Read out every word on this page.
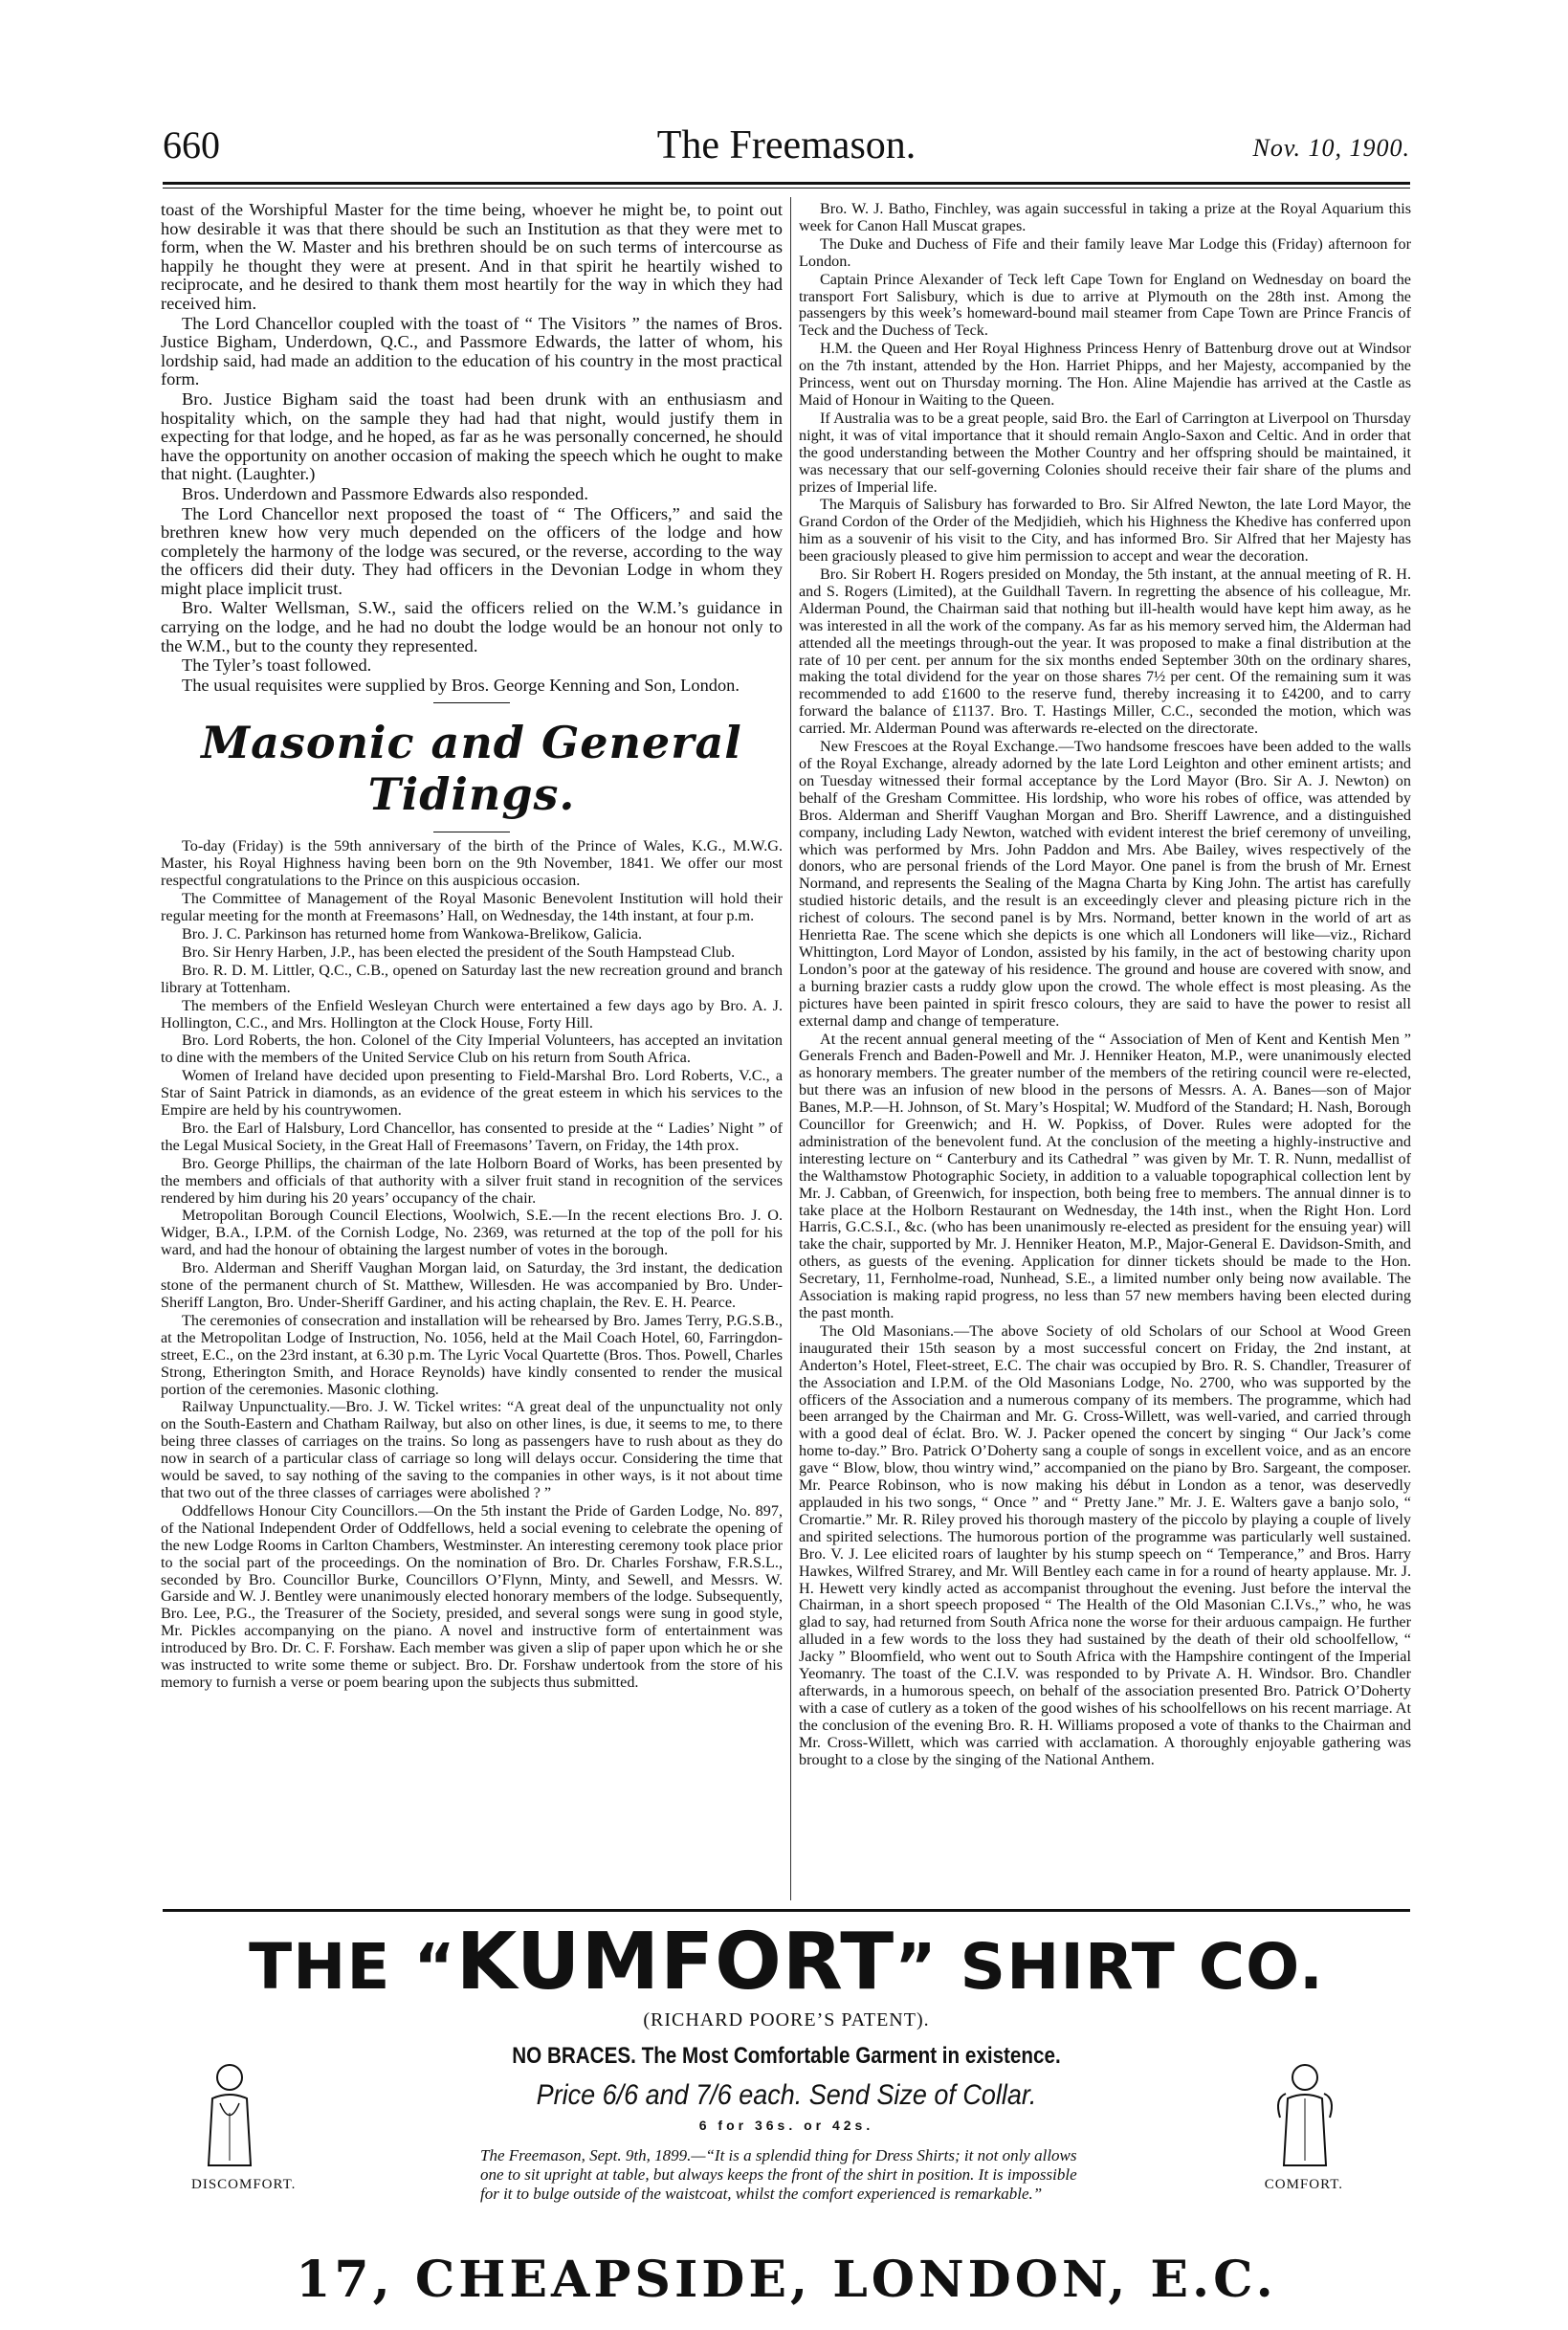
660	The Freemason.	Nov. 10, 1900.

toast of the Worshipful Master for the time being, whoever he might be, to point out how desirable it was that there should be such an Institution as that they were met to form, when the W. Master and his brethren should be on such terms of intercourse as happily he thought they were at present. And in that spirit he heartily wished to reciprocate, and he desired to thank them most heartily for the way in which they had received him.

The Lord Chancellor coupled with the toast of “ The Visitors ” the names of Bros. Justice Bigham, Underdown, Q.C., and Passmore Edwards, the latter of whom, his lordship said, had made an addition to the education of his country in the most practical form.

Bro. Justice Bigham said the toast had been drunk with an enthusiasm and hospitality which, on the sample they had had that night, would justify them in expecting for that lodge, and he hoped, as far as he was personally concerned, he should have the opportunity on another occasion of making the speech which he ought to make that night. (Laughter.)

Bros. Underdown and Passmore Edwards also responded.

The Lord Chancellor next proposed the toast of “ The Officers,” and said the brethren knew how very much depended on the officers of the lodge and how completely the harmony of the lodge was secured, or the reverse, according to the way the officers did their duty. They had officers in the Devonian Lodge in whom they might place implicit trust.

Bro. Walter Wellsman, S.W., said the officers relied on the W.M.’s guidance in carrying on the lodge, and he had no doubt the lodge would be an honour not only to the W.M., but to the county they represented.

The Tyler’s toast followed.

The usual requisites were supplied by Bros. George Kenning and Son, London.

Masonic and General Tidings.

To-day (Friday) is the 59th anniversary of the birth of the Prince of Wales, K.G., M.W.G. Master, his Royal Highness having been born on the 9th November, 1841. We offer our most respectful congratulations to the Prince on this auspicious occasion.

The Committee of Management of the Royal Masonic Benevolent Institution will hold their regular meeting for the month at Freemasons’ Hall, on Wednesday, the 14th instant, at four p.m.

Bro. J. C. Parkinson has returned home from Wankowa-Brelikow, Galicia.

Bro. Sir Henry Harben, J.P., has been elected the president of the South Hampstead Club.

Bro. R. D. M. Littler, Q.C., C.B., opened on Saturday last the new recreation ground and branch library at Tottenham.

The members of the Enfield Wesleyan Church were entertained a few days ago by Bro. A. J. Hollington, C.C., and Mrs. Hollington at the Clock House, Forty Hill.

Bro. Lord Roberts, the hon. Colonel of the City Imperial Volunteers, has accepted an invitation to dine with the members of the United Service Club on his return from South Africa.

Women of Ireland have decided upon presenting to Field-Marshal Bro. Lord Roberts, V.C., a Star of Saint Patrick in diamonds, as an evidence of the great esteem in which his services to the Empire are held by his countrywomen.

Bro. the Earl of Halsbury, Lord Chancellor, has consented to preside at the “ Ladies’ Night ” of the Legal Musical Society, in the Great Hall of Freemasons’ Tavern, on Friday, the 14th prox.

Bro. George Phillips, the chairman of the late Holborn Board of Works, has been presented by the members and officials of that authority with a silver fruit stand in recognition of the services rendered by him during his 20 years’ occupancy of the chair.

Metropolitan Borough Council Elections, Woolwich, S.E.—In the recent elections Bro. J. O. Widger, B.A., I.P.M. of the Cornish Lodge, No. 2369, was returned at the top of the poll for his ward, and had the honour of obtaining the largest number of votes in the borough.

Bro. Alderman and Sheriff Vaughan Morgan laid, on Saturday, the 3rd instant, the dedication stone of the permanent church of St. Matthew, Willesden. He was accompanied by Bro. Under-Sheriff Langton, Bro. Under-Sheriff Gardiner, and his acting chaplain, the Rev. E. H. Pearce.

The ceremonies of consecration and installation will be rehearsed by Bro. James Terry, P.G.S.B., at the Metropolitan Lodge of Instruction, No. 1056, held at the Mail Coach Hotel, 60, Farringdon-street, E.C., on the 23rd instant, at 6.30 p.m. The Lyric Vocal Quartette (Bros. Thos. Powell, Charles Strong, Etherington Smith, and Horace Reynolds) have kindly consented to render the musical portion of the ceremonies. Masonic clothing.

Railway Unpunctuality.—Bro. J. W. Tickel writes: “A great deal of the unpunctuality not only on the South-Eastern and Chatham Railway, but also on other lines, is due, it seems to me, to there being three classes of carriages on the trains. So long as passengers have to rush about as they do now in search of a particular class of carriage so long will delays occur. Considering the time that would be saved, to say nothing of the saving to the companies in other ways, is it not about time that two out of the three classes of carriages were abolished ? ”

Oddfellows Honour City Councillors.—On the 5th instant the Pride of Garden Lodge, No. 897, of the National Independent Order of Oddfellows, held a social evening to celebrate the opening of the new Lodge Rooms in Carlton Chambers, Westminster. An interesting ceremony took place prior to the social part of the proceedings. On the nomination of Bro. Dr. Charles Forshaw, F.R.S.L., seconded by Bro. Councillor Burke, Councillors O’Flynn, Minty, and Sewell, and Messrs. W. Garside and W. J. Bentley were unanimously elected honorary members of the lodge. Subsequently, Bro. Lee, P.G., the Treasurer of the Society, presided, and several songs were sung in good style, Mr. Pickles accompanying on the piano. A novel and instructive form of entertainment was introduced by Bro. Dr. C. F. Forshaw. Each member was given a slip of paper upon which he or she was instructed to write some theme or subject. Bro. Dr. Forshaw undertook from the store of his memory to furnish a verse or poem bearing upon the subjects thus submitted.

Bro. W. J. Batho, Finchley, was again successful in taking a prize at the Royal Aquarium this week for Canon Hall Muscat grapes.

The Duke and Duchess of Fife and their family leave Mar Lodge this (Friday) afternoon for London.

Captain Prince Alexander of Teck left Cape Town for England on Wednesday on board the transport Fort Salisbury, which is due to arrive at Plymouth on the 28th inst. Among the passengers by this week’s homeward-bound mail steamer from Cape Town are Prince Francis of Teck and the Duchess of Teck.

H.M. the Queen and Her Royal Highness Princess Henry of Battenburg drove out at Windsor on the 7th instant, attended by the Hon. Harriet Phipps, and her Majesty, accompanied by the Princess, went out on Thursday morning. The Hon. Aline Majendie has arrived at the Castle as Maid of Honour in Waiting to the Queen.

If Australia was to be a great people, said Bro. the Earl of Carrington at Liverpool on Thursday night, it was of vital importance that it should remain Anglo-Saxon and Celtic. And in order that the good understanding between the Mother Country and her offspring should be maintained, it was necessary that our self-governing Colonies should receive their fair share of the plums and prizes of Imperial life.

The Marquis of Salisbury has forwarded to Bro. Sir Alfred Newton, the late Lord Mayor, the Grand Cordon of the Order of the Medjidieh, which his Highness the Khedive has conferred upon him as a souvenir of his visit to the City, and has informed Bro. Sir Alfred that her Majesty has been graciously pleased to give him permission to accept and wear the decoration.

Bro. Sir Robert H. Rogers presided on Monday, the 5th instant, at the annual meeting of R. H. and S. Rogers (Limited), at the Guildhall Tavern. In regretting the absence of his colleague, Mr. Alderman Pound, the Chairman said that nothing but ill-health would have kept him away, as he was interested in all the work of the company. As far as his memory served him, the Alderman had attended all the meetings through-out the year. It was proposed to make a final distribution at the rate of 10 per cent. per annum for the six months ended September 30th on the ordinary shares, making the total dividend for the year on those shares 7½ per cent. Of the remaining sum it was recommended to add £1600 to the reserve fund, thereby increasing it to £4200, and to carry forward the balance of £1137. Bro. T. Hastings Miller, C.C., seconded the motion, which was carried. Mr. Alderman Pound was afterwards re-elected on the directorate.

New Frescoes at the Royal Exchange.—Two handsome frescoes have been added to the walls of the Royal Exchange, already adorned by the late Lord Leighton and other eminent artists; and on Tuesday witnessed their formal acceptance by the Lord Mayor (Bro. Sir A. J. Newton) on behalf of the Gresham Committee. His lordship, who wore his robes of office, was attended by Bros. Alderman and Sheriff Vaughan Morgan and Bro. Sheriff Lawrence, and a distinguished company, including Lady Newton, watched with evident interest the brief ceremony of unveiling, which was performed by Mrs. John Paddon and Mrs. Abe Bailey, wives respectively of the donors, who are personal friends of the Lord Mayor. One panel is from the brush of Mr. Ernest Normand, and represents the Sealing of the Magna Charta by King John. The artist has carefully studied historic details, and the result is an exceedingly clever and pleasing picture rich in the richest of colours. The second panel is by Mrs. Normand, better known in the world of art as Henrietta Rae. The scene which she depicts is one which all Londoners will like—viz., Richard Whittington, Lord Mayor of London, assisted by his family, in the act of bestowing charity upon London’s poor at the gateway of his residence. The ground and house are covered with snow, and a burning brazier casts a ruddy glow upon the crowd. The whole effect is most pleasing. As the pictures have been painted in spirit fresco colours, they are said to have the power to resist all external damp and change of temperature.

At the recent annual general meeting of the “ Association of Men of Kent and Kentish Men ” Generals French and Baden-Powell and Mr. J. Henniker Heaton, M.P., were unanimously elected as honorary members. The greater number of the members of the retiring council were re-elected, but there was an infusion of new blood in the persons of Messrs. A. A. Banes—son of Major Banes, M.P.—H. Johnson, of St. Mary’s Hospital; W. Mudford of the Standard; H. Nash, Borough Councillor for Greenwich; and H. W. Popkiss, of Dover. Rules were adopted for the administration of the benevolent fund. At the conclusion of the meeting a highly-instructive and interesting lecture on “ Canterbury and its Cathedral ” was given by Mr. T. R. Nunn, medallist of the Walthamstow Photographic Society, in addition to a valuable topographical collection lent by Mr. J. Cabban, of Greenwich, for inspection, both being free to members. The annual dinner is to take place at the Holborn Restaurant on Wednesday, the 14th inst., when the Right Hon. Lord Harris, G.C.S.I., &c. (who has been unanimously re-elected as president for the ensuing year) will take the chair, supported by Mr. J. Henniker Heaton, M.P., Major-General E. Davidson-Smith, and others, as guests of the evening. Application for dinner tickets should be made to the Hon. Secretary, 11, Fernholme-road, Nunhead, S.E., a limited number only being now available. The Association is making rapid progress, no less than 57 new members having been elected during the past month.

The Old Masonians.—The above Society of old Scholars of our School at Wood Green inaugurated their 15th season by a most successful concert on Friday, the 2nd instant, at Anderton’s Hotel, Fleet-street, E.C. The chair was occupied by Bro. R. S. Chandler, Treasurer of the Association and I.P.M. of the Old Masonians Lodge, No. 2700, who was supported by the officers of the Association and a numerous company of its members. The programme, which had been arranged by the Chairman and Mr. G. Cross-Willett, was well-varied, and carried through with a good deal of éclat. Bro. W. J. Packer opened the concert by singing “ Our Jack’s come home to-day.” Bro. Patrick O’Doherty sang a couple of songs in excellent voice, and as an encore gave “ Blow, blow, thou wintry wind,” accompanied on the piano by Bro. Sargeant, the composer. Mr. Pearce Robinson, who is now making his début in London as a tenor, was deservedly applauded in his two songs, “ Once ” and “ Pretty Jane.” Mr. J. E. Walters gave a banjo solo, “ Cromartie.” Mr. R. Riley proved his thorough mastery of the piccolo by playing a couple of lively and spirited selections. The humorous portion of the programme was particularly well sustained. Bro. V. J. Lee elicited roars of laughter by his stump speech on “ Temperance,” and Bros. Harry Hawkes, Wilfred Strarey, and Mr. Will Bentley each came in for a round of hearty applause. Mr. J. H. Hewett very kindly acted as accompanist throughout the evening. Just before the interval the Chairman, in a short speech proposed “ The Health of the Old Masonian C.I.Vs.,” who, he was glad to say, had returned from South Africa none the worse for their arduous campaign. He further alluded in a few words to the loss they had sustained by the death of their old schoolfellow, “ Jacky ” Bloomfield, who went out to South Africa with the Hampshire contingent of the Imperial Yeomanry. The toast of the C.I.V. was responded to by Private A. H. Windsor. Bro. Chandler afterwards, in a humorous speech, on behalf of the association presented Bro. Patrick O’Doherty with a case of cutlery as a token of the good wishes of his schoolfellows on his recent marriage. At the conclusion of the evening Bro. R. H. Williams proposed a vote of thanks to the Chairman and Mr. Cross-Willett, which was carried with acclamation. A thoroughly enjoyable gathering was brought to a close by the singing of the National Anthem.

THE “KUMFORT” SHIRT CO.
(RICHARD POORE’S PATENT).
NO BRACES. The Most Comfortable Garment in existence.
Price 6/6 and 7/6 each. Send Size of Collar.
6 for 36s. or 42s.
The Freemason, Sept. 9th, 1899.—“It is a splendid thing for Dress Shirts; it not only allows one to sit upright at table, but always keeps the front of the shirt in position. It is impossible for it to bulge outside of the waistcoat, whilst the comfort experienced is remarkable.”
DISCOMFORT.	COMFORT.
17, CHEAPSIDE, LONDON, E.C.
